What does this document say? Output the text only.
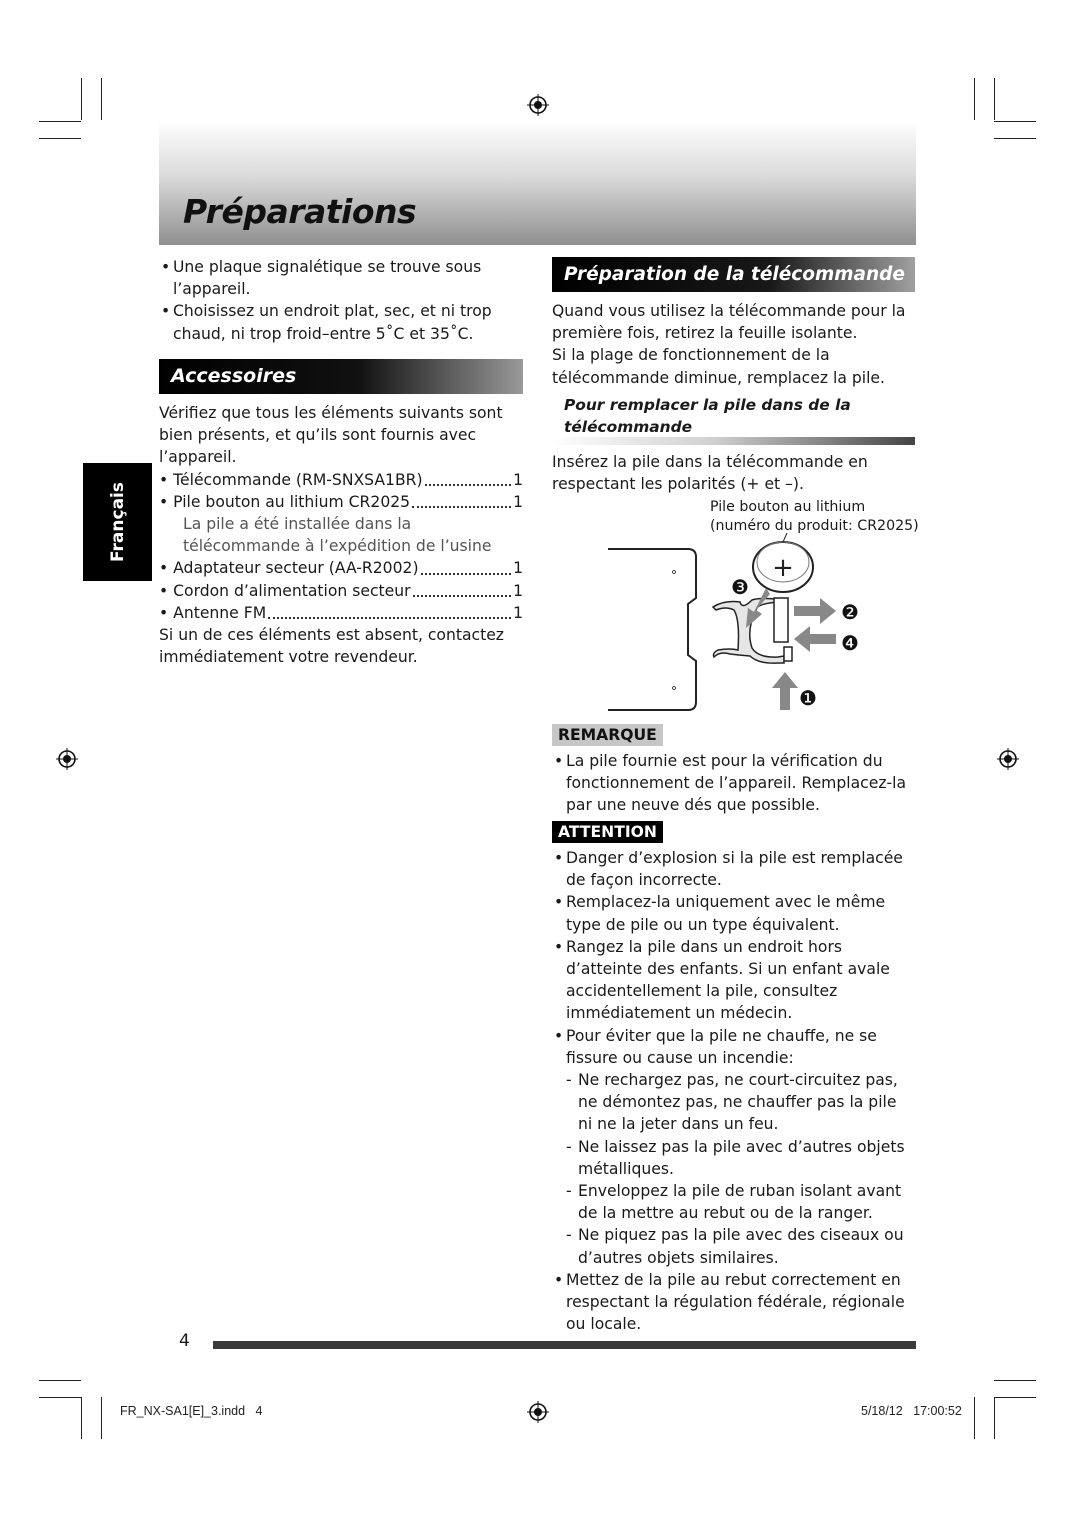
Préparations
Français
• Une plaque signalétique se trouve sous l’appareil.
• Choisissez un endroit plat, sec, et ni trop chaud, ni trop froid–entre 5˚C et 35˚C.
Accessoires
Vérifiez que tous les éléments suivants sont bien présents, et qu’ils sont fournis avec l’appareil.
• Télécommande (RM-SNXSA1BR)	1
• Pile bouton au lithium CR2025	1
La pile a été installée dans la télécommande à l’expédition de l’usine
• Adaptateur secteur (AA-R2002)	1
• Cordon d’alimentation secteur	1
• Antenne FM	1
Si un de ces éléments est absent, contactez immédiatement votre revendeur.
Préparation de la télécommande
Quand vous utilisez la télécommande pour la première fois, retirez la feuille isolante.
Si la plage de fonctionnement de la télécommande diminue, remplacez la pile.
Pour remplacer la pile dans de la télécommande
Insérez la pile dans la télécommande en respectant les polarités (+ et –).
Pile bouton au lithium
(numéro du produit: CR2025)
+
❸
❷
❹
❶
REMARQUE
• La pile fournie est pour la vérification du fonctionnement de l’appareil. Remplacez-la par une neuve dés que possible.
ATTENTION
• Danger d’explosion si la pile est remplacée de façon incorrecte.
• Remplacez-la uniquement avec le même type de pile ou un type équivalent.
• Rangez la pile dans un endroit hors d’atteinte des enfants. Si un enfant avale accidentellement la pile, consultez immédiatement un médecin.
• Pour éviter que la pile ne chauffe, ne se fissure ou cause un incendie:
- Ne rechargez pas, ne court-circuitez pas, ne démontez pas, ne chauffer pas la pile ni ne la jeter dans un feu.
- Ne laissez pas la pile avec d’autres objets métalliques.
- Enveloppez la pile de ruban isolant avant de la mettre au rebut ou de la ranger.
- Ne piquez pas la pile avec des ciseaux ou d’autres objets similaires.
• Mettez de la pile au rebut correctement en respectant la régulation fédérale, régionale ou locale.
4
FR_NX-SA1[E]_3.indd   4	5/18/12   17:00:52
